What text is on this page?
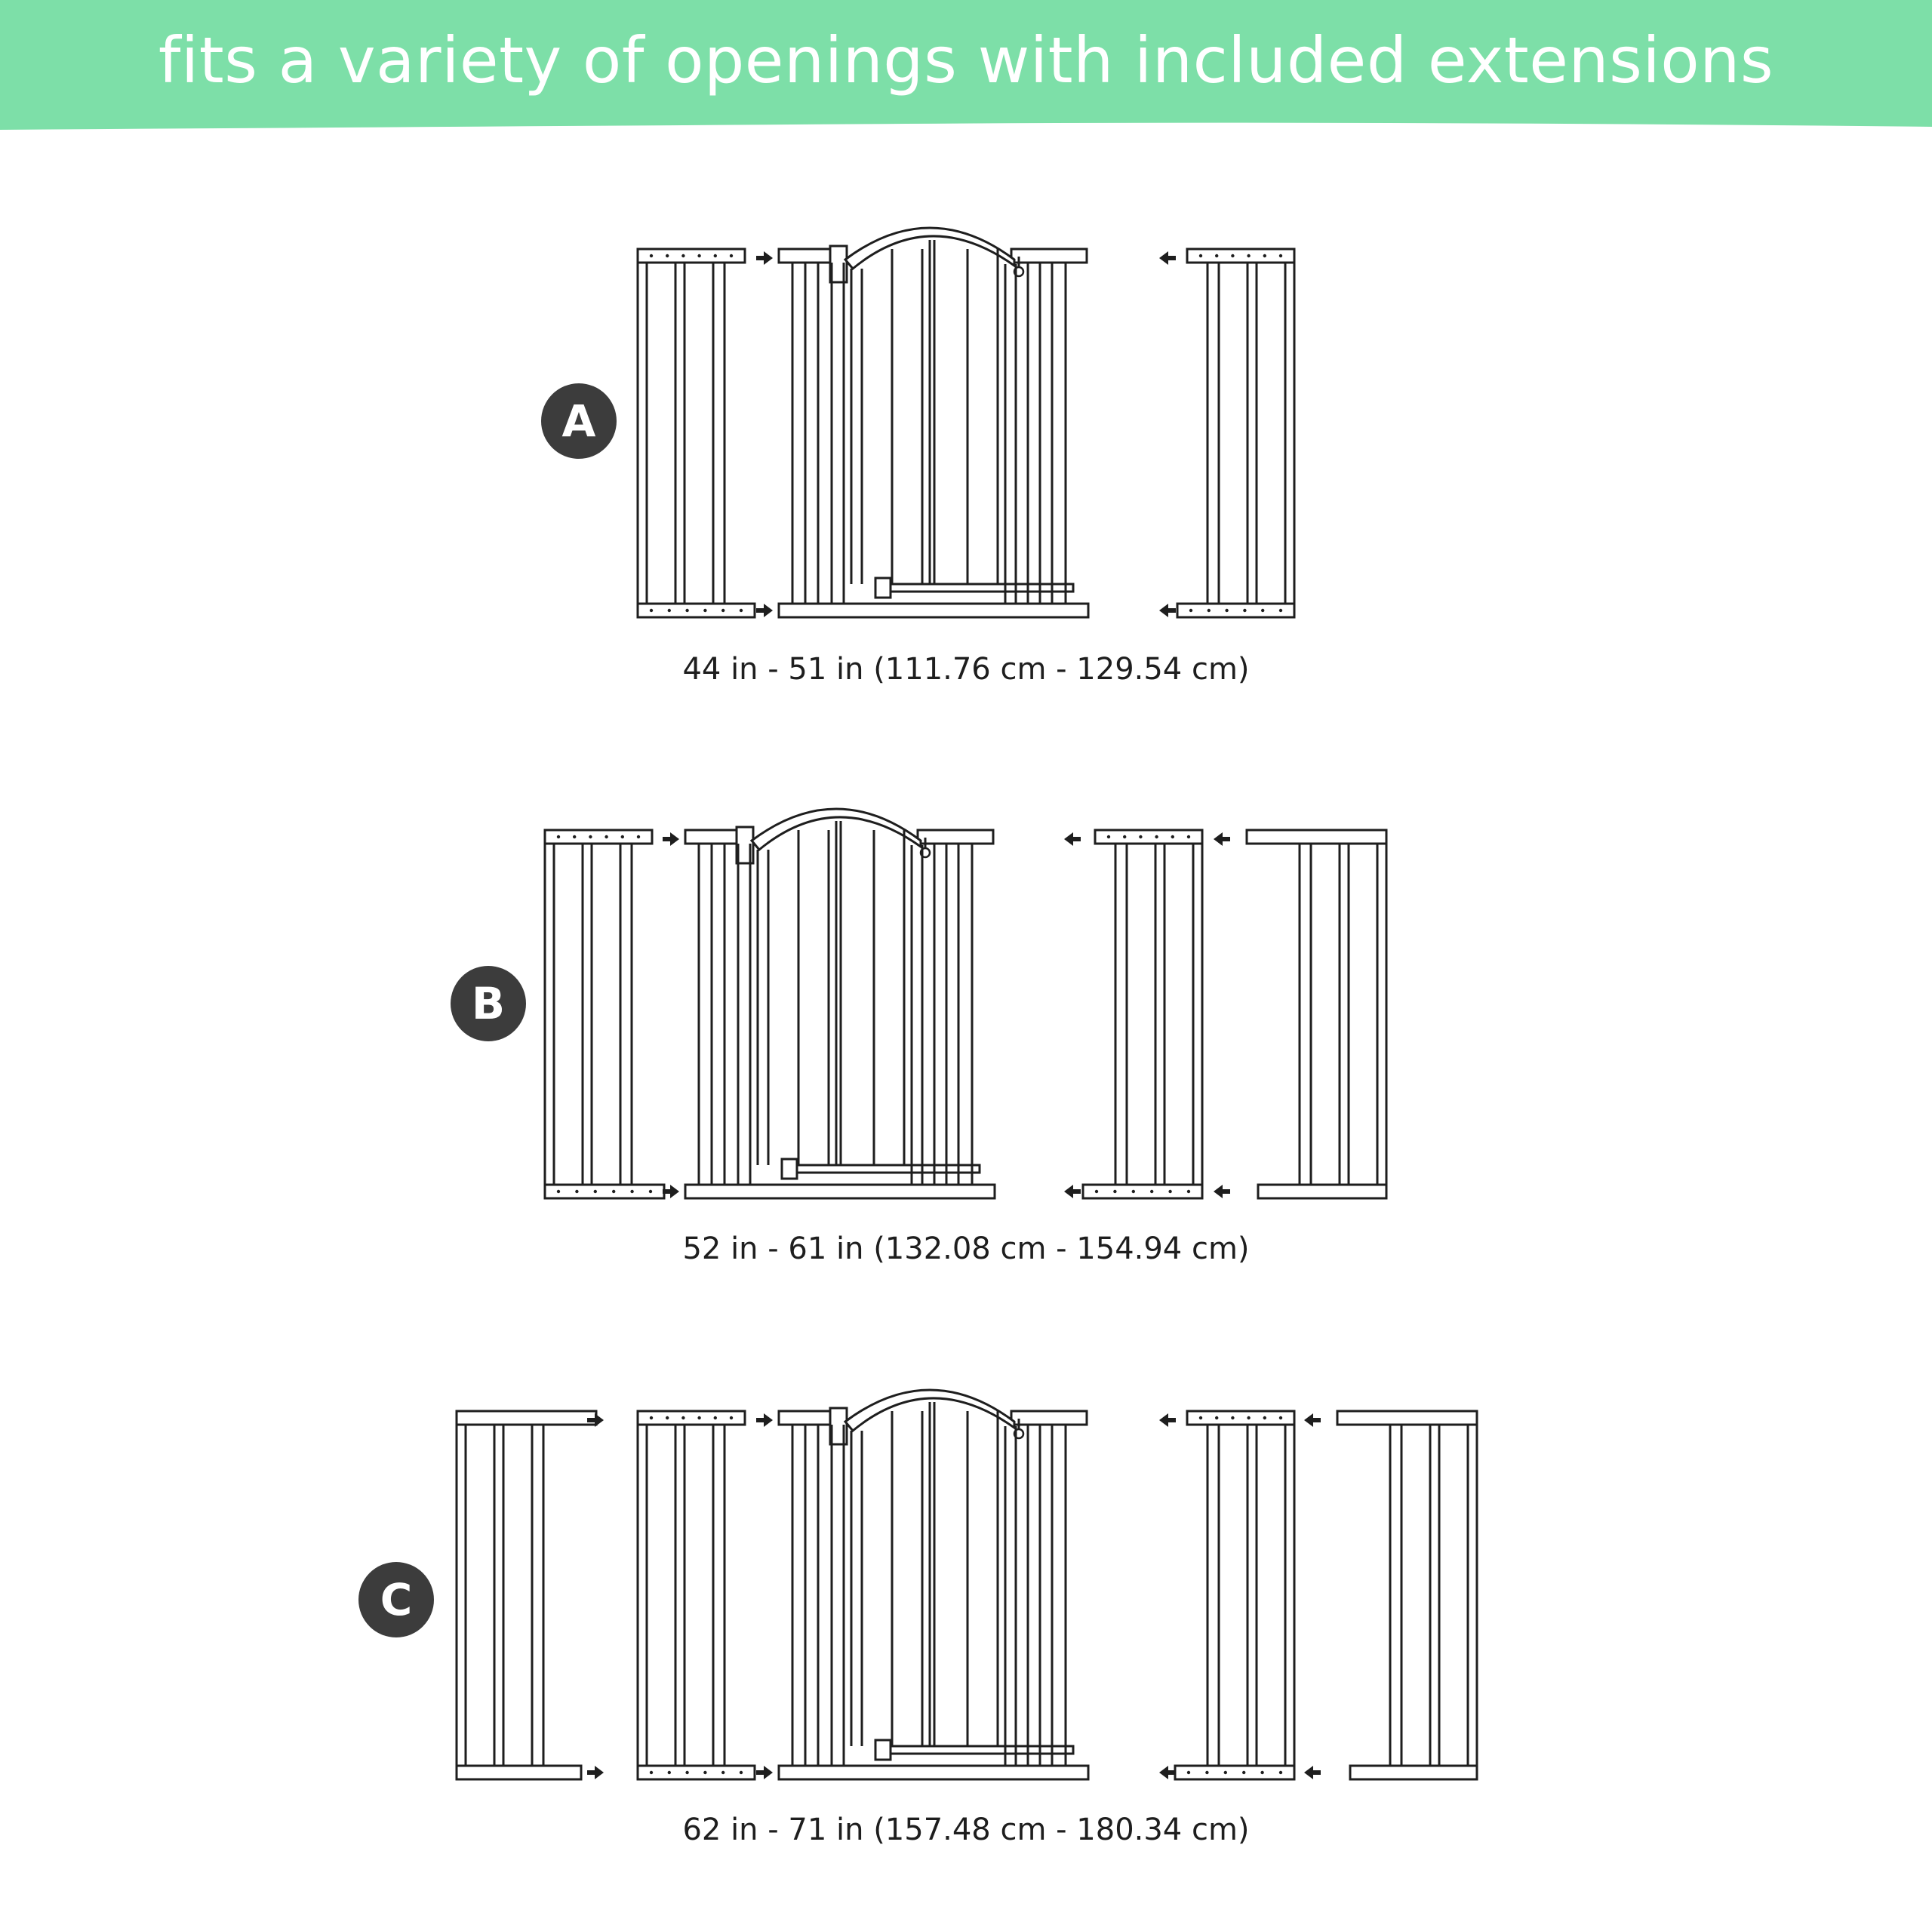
fits a variety of openings with included extensions
A
B
C
44 in - 51 in (111.76 cm - 129.54 cm)
52 in - 61 in (132.08 cm - 154.94 cm)
62 in - 71 in (157.48 cm - 180.34 cm)
